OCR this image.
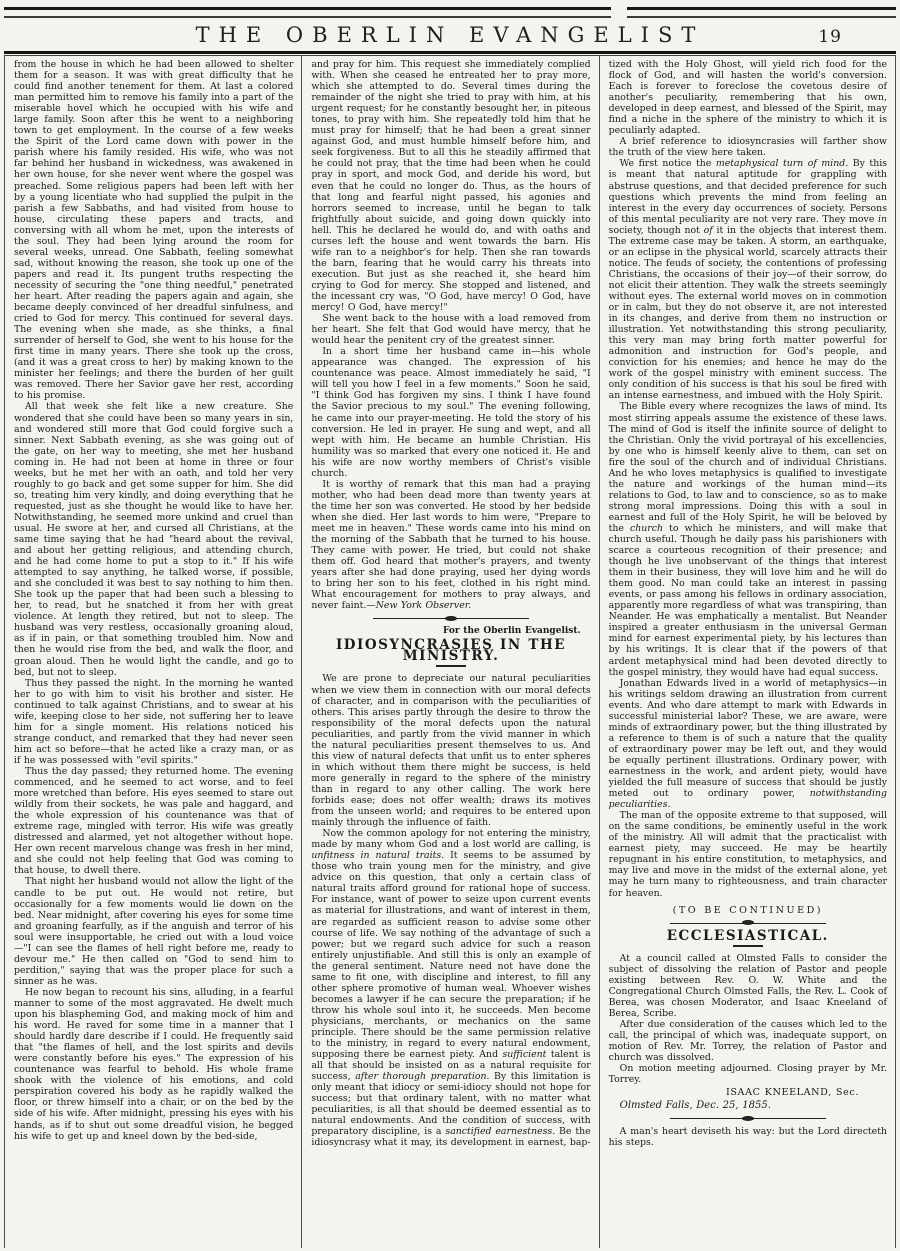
THE OBERLIN EVANGELIST	19

from the house in which he had been allowed to shelter them for a season. It was with great difficulty that he could find another tenement for them. At last a colored man permitted him to remove his family into a part of the miserable hovel which he occupied with his wife and large family. Soon after this he went to a neighboring town to get employment. In the course of a few weeks the Spirit of the Lord came down with power in the parish where his family resided. His wife, who was not far behind her husband in wickedness, was awakened in her own house, for she never went where the gospel was preached. Some religious papers had been left with her by a young licentiate who had supplied the pulpit in the parish a few Sabbaths, and had visited from house to house, circulating these papers and tracts, and conversing with all whom he met, upon the interests of the soul. They had been lying around the room for several weeks, unread. One Sabbath, feeling somewhat sad, without knowing the reason, she took up one of the papers and read it. Its pungent truths respecting the necessity of securing the "one thing needful," penetrated her heart. After reading the papers again and again, she became deeply convinced of her dreadful sinfulness, and cried to God for mercy. This continued for several days. The evening when she made, as she thinks, a final surrender of herself to God, she went to his house for the first time in many years. There she took up the cross, (and it was a great cross to her) by making known to the minister her feelings; and there the burden of her guilt was removed. There her Savior gave her rest, according to his promise.

All that week she felt like a new creature. She wondered that she could have been so many years in sin, and wondered still more that God could forgive such a sinner. Next Sabbath evening, as she was going out of the gate, on her way to meeting, she met her husband coming in. He had not been at home in three or four weeks, but he met her with an oath, and told her very roughly to go back and get some supper for him. She did so, treating him very kindly, and doing everything that he requested, just as she thought he would like to have her. Notwithstanding, he seemed more unkind and cruel than usual. He swore at her, and cursed all Christians, at the same time saying that he had "heard about the revival, and about her getting religious, and attending church, and he had come home to put a stop to it." If his wife attempted to say anything, he talked worse, if possible, and she concluded it was best to say nothing to him then. She took up the paper that had been such a blessing to her, to read, but he snatched it from her with great violence. At length they retired, but not to sleep. The husband was very restless, occasionally groaning aloud, as if in pain, or that something troubled him. Now and then he would rise from the bed, and walk the floor, and groan aloud. Then he would light the candle, and go to bed, but not to sleep.

Thus they passed the night. In the morning he wanted her to go with him to visit his brother and sister. He continued to talk against Christians, and to swear at his wife, keeping close to her side, not suffering her to leave him for a single moment. His relations noticed his strange conduct, and remarked that they had never seen him act so before—that he acted like a crazy man, or as if he was possessed with "evil spirits."

Thus the day passed; they returned home. The evening commenced, and he seemed to act worse, and to feel more wretched than before. His eyes seemed to stare out wildly from their sockets, he was pale and haggard, and the whole expression of his countenance was that of extreme rage, mingled with terror. His wife was greatly distressed and alarmed, yet not altogether without hope. Her own recent marvelous change was fresh in her mind, and she could not help feeling that God was coming to that house, to dwell there.

That night her husband would not allow the light of the candle to be put out. He would not retire, but occasionally for a few moments would lie down on the bed. Near midnight, after covering his eyes for some time and groaning fearfully, as if the anguish and terror of his soul were insupportable, he cried out with a loud voice—"I can see the flames of hell right before me, ready to devour me." He then called on "God to send him to perdition," saying that was the proper place for such a sinner as he was.

He now began to recount his sins, alluding, in a fearful manner to some of the most aggravated. He dwelt much upon his blaspheming God, and making mock of him and his word. He raved for some time in a manner that I should hardly dare describe if I could. He frequently said that "the flames of hell, and the lost spirits and devils were constantly before his eyes." The expression of his countenance was fearful to behold. His whole frame shook with the violence of his emotions, and cold perspiration covered his body as he rapidly walked the floor, or threw himself into a chair, or on the bed by the side of his wife. After midnight, pressing his eyes with his hands, as if to shut out some dreadful vision, he begged his wife to get up and kneel down by the bed-side,

and pray for him. This request she immediately complied with. When she ceased he entreated her to pray more, which she attempted to do. Several times during the remainder of the night she tried to pray with him, at his urgent request; for he constantly besought her, in piteous tones, to pray with him. She repeatedly told him that he must pray for himself; that he had been a great sinner against God, and must humble himself before him, and seek forgiveness. But to all this he steadily affirmed that he could not pray, that the time had been when he could pray in sport, and mock God, and deride his word, but even that he could no longer do. Thus, as the hours of that long and fearful night passed, his agonies and horrors seemed to increase, until he began to talk frightfully about suicide, and going down quickly into hell. This he declared he would do, and with oaths and curses left the house and went towards the barn. His wife ran to a neighbor's for help. Then she ran towards the barn, fearing that he would carry his threats into execution. But just as she reached it, she heard him crying to God for mercy. She stopped and listened, and the incessant cry was, "O God, have mercy! O God, have mercy! O God, have mercy!"

She went back to the house with a load removed from her heart. She felt that God would have mercy, that he would hear the penitent cry of the greatest sinner.

In a short time her husband came in—his whole appearance was changed. The expression of his countenance was peace. Almost immediately he said, "I will tell you how I feel in a few moments." Soon he said, "I think God has forgiven my sins. I think I have found the Savior precious to my soul." The evening following, he came into our prayer-meeting. He told the story of his conversion. He led in prayer. He sung and wept, and all wept with him. He became an humble Christian. His humility was so marked that every one noticed it. He and his wife are now worthy members of Christ's visible church.

It is worthy of remark that this man had a praying mother, who had been dead more than twenty years at the time her son was converted. He stood by her bedside when she died. Her last words to him were, "Prepare to meet me in heaven." These words came into his mind on the morning of the Sabbath that he turned to his house. They came with power. He tried, but could not shake them off. God heard that mother's prayers, and twenty years after she had done praying, used her dying words to bring her son to his feet, clothed in his right mind. What encouragement for mothers to pray always, and never faint.—New York Observer.

For the Oberlin Evangelist.
IDIOSYNCRASIES IN THE MINISTRY.

We are prone to depreciate our natural peculiarities when we view them in connection with our moral defects of character, and in comparison with the peculiarities of others. This arises partly through the desire to throw the responsibility of the moral defects upon the natural peculiarities, and partly from the vivid manner in which the natural peculiarities present themselves to us. And this view of natural defects that unfit us to enter spheres in which without them there might be success, is held more generally in regard to the sphere of the ministry than in regard to any other calling. The work here forbids ease; does not offer wealth; draws its motives from the unseen world; and requires to be entered upon mainly through the influence of faith.

Now the common apology for not entering the ministry, made by many whom God and a lost world are calling, is unfitness in natural traits. It seems to be assumed by those who train young men for the ministry, and give advice on this question, that only a certain class of natural traits afford ground for rational hope of success. For instance, want of power to seize upon current events as material for illustrations, and want of interest in them, are regarded as sufficient reason to advise some other course of life. We say nothing of the advantage of such a power; but we regard such advice for such a reason entirely unjustifiable. And still this is only an example of the general sentiment. Nature need not have done the same to fit one, with discipline and interest, to fill any other sphere promotive of human weal. Whoever wishes becomes a lawyer if he can secure the preparation; if he throw his whole soul into it, he succeeds. Men become physicians, merchants, or mechanics on the same principle. There should be the same permission relative to the ministry, in regard to every natural endowment, supposing there be earnest piety. And sufficient talent is all that should be insisted on as a natural requisite for success, after thorough preparation. By this limitation is only meant that idiocy or semi-idiocy should not hope for success; but that ordinary talent, with no matter what peculiarities, is all that should be deemed essential as to natural endowments. And the condition of success, with preparatory discipline, is a sanctified earnestness. Be the idiosyncrasy what it may, its development in earnest, bap-

tized with the Holy Ghost, will yield rich food for the flock of God, and will hasten the world's conversion. Each is forever to foreclose the covetous desire of another's peculiarity, remembering that his own, developed in deep earnest, and blessed of the Spirit, may find a niche in the sphere of the ministry to which it is peculiarly adapted.

A brief reference to idiosyncrasies will farther show the truth of the view here taken.

We first notice the metaphysical turn of mind. By this is meant that natural aptitude for grappling with abstruse questions, and that decided preference for such questions which prevents the mind from feeling an interest in the every day occurrences of society. Persons of this mental peculiarity are not very rare. They move in society, though not of it in the objects that interest them. The extreme case may be taken. A storm, an earthquake, or an eclipse in the physical world, scarcely attracts their notice. The feuds of society, the contentions of professing Christians, the occasions of their joy—of their sorrow, do not elicit their attention. They walk the streets seemingly without eyes. The external world moves on in commotion or in calm, but they do not observe it, are not interested in its changes, and derive from them no instruction or illustration. Yet notwithstanding this strong peculiarity, this very man may bring forth matter powerful for admonition and instruction for God's people, and conviction for his enemies; and hence he may do the work of the gospel ministry with eminent success. The only condition of his success is that his soul be fired with an intense earnestness, and imbued with the Holy Spirit.

The Bible every where recognizes the laws of mind. Its most stirring appeals assume the existence of these laws. The mind of God is itself the infinite source of delight to the Christian. Only the vivid portrayal of his excellencies, by one who is himself keenly alive to them, can set on fire the soul of the church and of individual Christians. And he who loves metaphysics is qualified to investigate the nature and workings of the human mind—its relations to God, to law and to conscience, so as to make strong moral impressions. Doing this with a soul in earnest and full of the Holy Spirit, he will be beloved by the church to which he ministers, and will make that church useful. Though he daily pass his parishioners with scarce a courteous recognition of their presence; and though he live unobservant of the things that interest them in their business, they will love him and he will do them good. No man could take an interest in passing events, or pass among his fellows in ordinary association, apparently more regardless of what was transpiring, than Neander. He was emphatically a mentalist. But Neander inspired a greater enthusiasm in the universal German mind for earnest experimental piety, by his lectures than by his writings. It is clear that if the powers of that ardent metaphysical mind had been devoted directly to the gospel ministry, they would have had equal success.

Jonathan Edwards lived in a world of metaphysics—in his writings seldom drawing an illustration from current events. And who dare attempt to mark with Edwards in successful ministerial labor? These, we are aware, were minds of extraordinary power, but the thing illustrated by a reference to them is of such a nature that the quality of extraordinary power may be left out, and they would be equally pertinent illustrations. Ordinary power, with earnestness in the work, and ardent piety, would have yielded the full measure of success that should be justly meted out to ordinary power, notwithstanding peculiarities.

The man of the opposite extreme to that supposed, will on the same conditions, be eminently useful in the work of the ministry. All will admit that the practicalist with earnest piety, may succeed. He may be heartily repugnant in his entire constitution, to metaphysics, and may live and move in the midst of the external alone, yet may he turn many to righteousness, and train character for heaven.

(TO BE CONTINUED)
ECCLESIASTICAL.

At a council called at Olmsted Falls to consider the subject of dissolving the relation of Pastor and people existing between Rev. O. W. White and the Congregational Church Olmsted Falls, the Rev. L. Cook of Berea, was chosen Moderator, and Isaac Kneeland of Berea, Scribe.

After due consideration of the causes which led to the call, the principal of which was, inadequate support, on motion of Rev. Mr. Torrey, the relation of Pastor and church was dissolved.

On motion meeting adjourned. Closing prayer by Mr. Torrey.

ISAAC KNEELAND, Sec.
Olmsted Falls, Dec. 25, 1855.

A man's heart deviseth his way: but the Lord directeth his steps.
